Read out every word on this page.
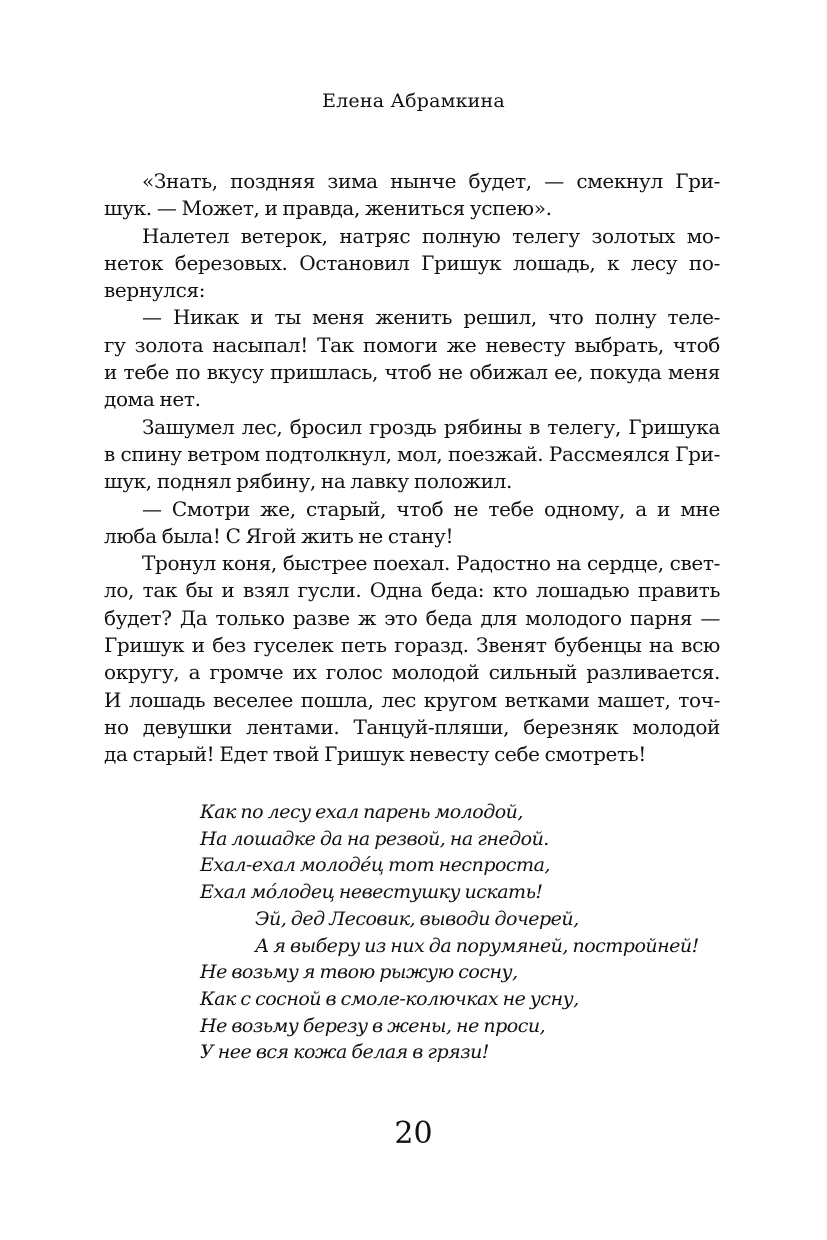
Елена Абрамкина
«Знать, поздняя зима нынче будет, — смекнул Гри-
шук. — Может, и правда, жениться успею».
Налетел ветерок, натряс полную телегу золотых мо-
неток березовых. Остановил Гришук лошадь, к лесу по-
вернулся:
— Никак и ты меня женить решил, что полну теле-
гу золота насыпал! Так помоги же невесту выбрать, чтоб
и тебе по вкусу пришлась, чтоб не обижал ее, покуда меня
дома нет.
Зашумел лес, бросил гроздь рябины в телегу, Гришука
в спину ветром подтолкнул, мол, поезжай. Рассмеялся Гри-
шук, поднял рябину, на лавку положил.
— Смотри же, старый, чтоб не тебе одному, а и мне
люба была! С Ягой жить не стану!
Тронул коня, быстрее поехал. Радостно на сердце, свет-
ло, так бы и взял гусли. Одна беда: кто лошадью править
будет? Да только разве ж это беда для молодого парня —
Гришук и без гуселек петь горазд. Звенят бубенцы на всю
округу, а громче их голос молодой сильный разливается.
И лошадь веселее пошла, лес кругом ветками машет, точ-
но девушки лентами. Танцуй-пляши, березняк молодой
да старый! Едет твой Гришук невесту себе смотреть!
Как по лесу ехал парень молодой,
На лошадке да на резвой, на гнедой.
Ехал-ехал молоде́ц тот неспроста,
Ехал мо́лодец невестушку искать!
Эй, дед Лесовик, выводи дочерей,
А я выберу из них да порумяней, постройней!
Не возьму я твою рыжую сосну,
Как с сосной в смоле-колючках не усну,
Не возьму березу в жены, не проси,
У нее вся кожа белая в грязи!
20
